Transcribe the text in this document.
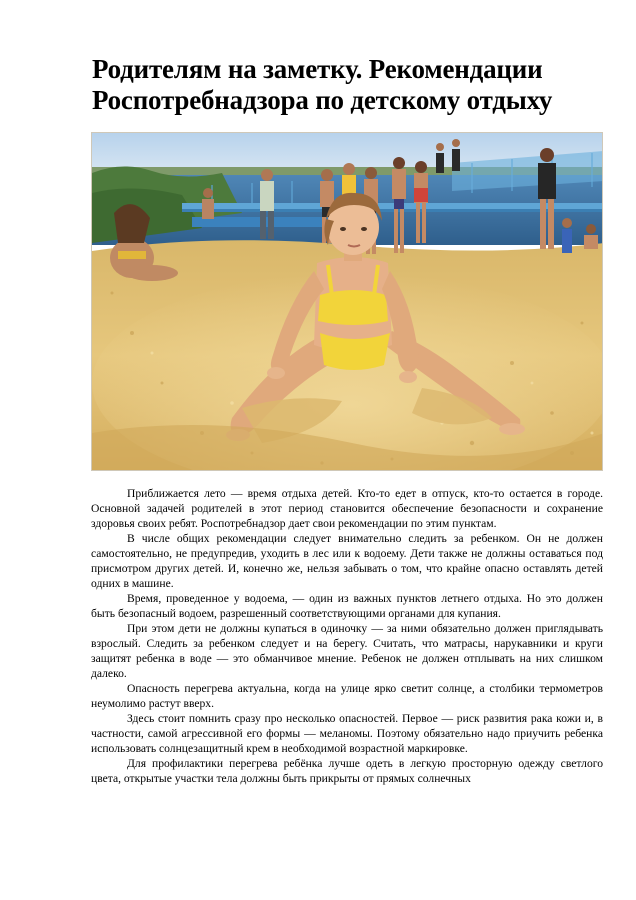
Родителям на заметку. Рекомендации
Роспотребнадзора по детскому отдыху

Приближается лето — время отдыха детей. Кто-то едет в отпуск, кто-то остается в городе. Основной задачей родителей в этот период становится обеспечение безопасности и сохранение здоровья своих ребят. Роспотребнадзор дает свои рекомендации по этим пунктам.

В числе общих рекомендации следует внимательно следить за ребенком. Он не должен самостоятельно, не предупредив, уходить в лес или к водоему. Дети также не должны оставаться под присмотром других детей. И, конечно же, нельзя забывать о том, что крайне опасно оставлять детей одних в машине.

Время, проведенное у водоема, — один из важных пунктов летнего отдыха. Но это должен быть безопасный водоем, разрешенный соответствующими органами для купания.

При этом дети не должны купаться в одиночку — за ними обязательно должен приглядывать взрослый. Следить за ребенком следует и на берегу. Считать, что матрасы, нарукавники и круги защитят ребенка в воде — это обманчивое мнение. Ребенок не должен отплывать на них слишком далеко.

Опасность перегрева актуальна, когда на улице ярко светит солнце, а столбики термометров неумолимо растут вверх.

Здесь стоит помнить сразу про несколько опасностей. Первое — риск развития рака кожи и, в частности, самой агрессивной его формы — меланомы. Поэтому обязательно надо приучить ребенка использовать солнцезащитный крем в необходимой возрастной маркировке.

Для профилактики перегрева ребёнка лучше одеть в легкую просторную одежду светлого цвета, открытые участки тела должны быть прикрыты от прямых солнечных
